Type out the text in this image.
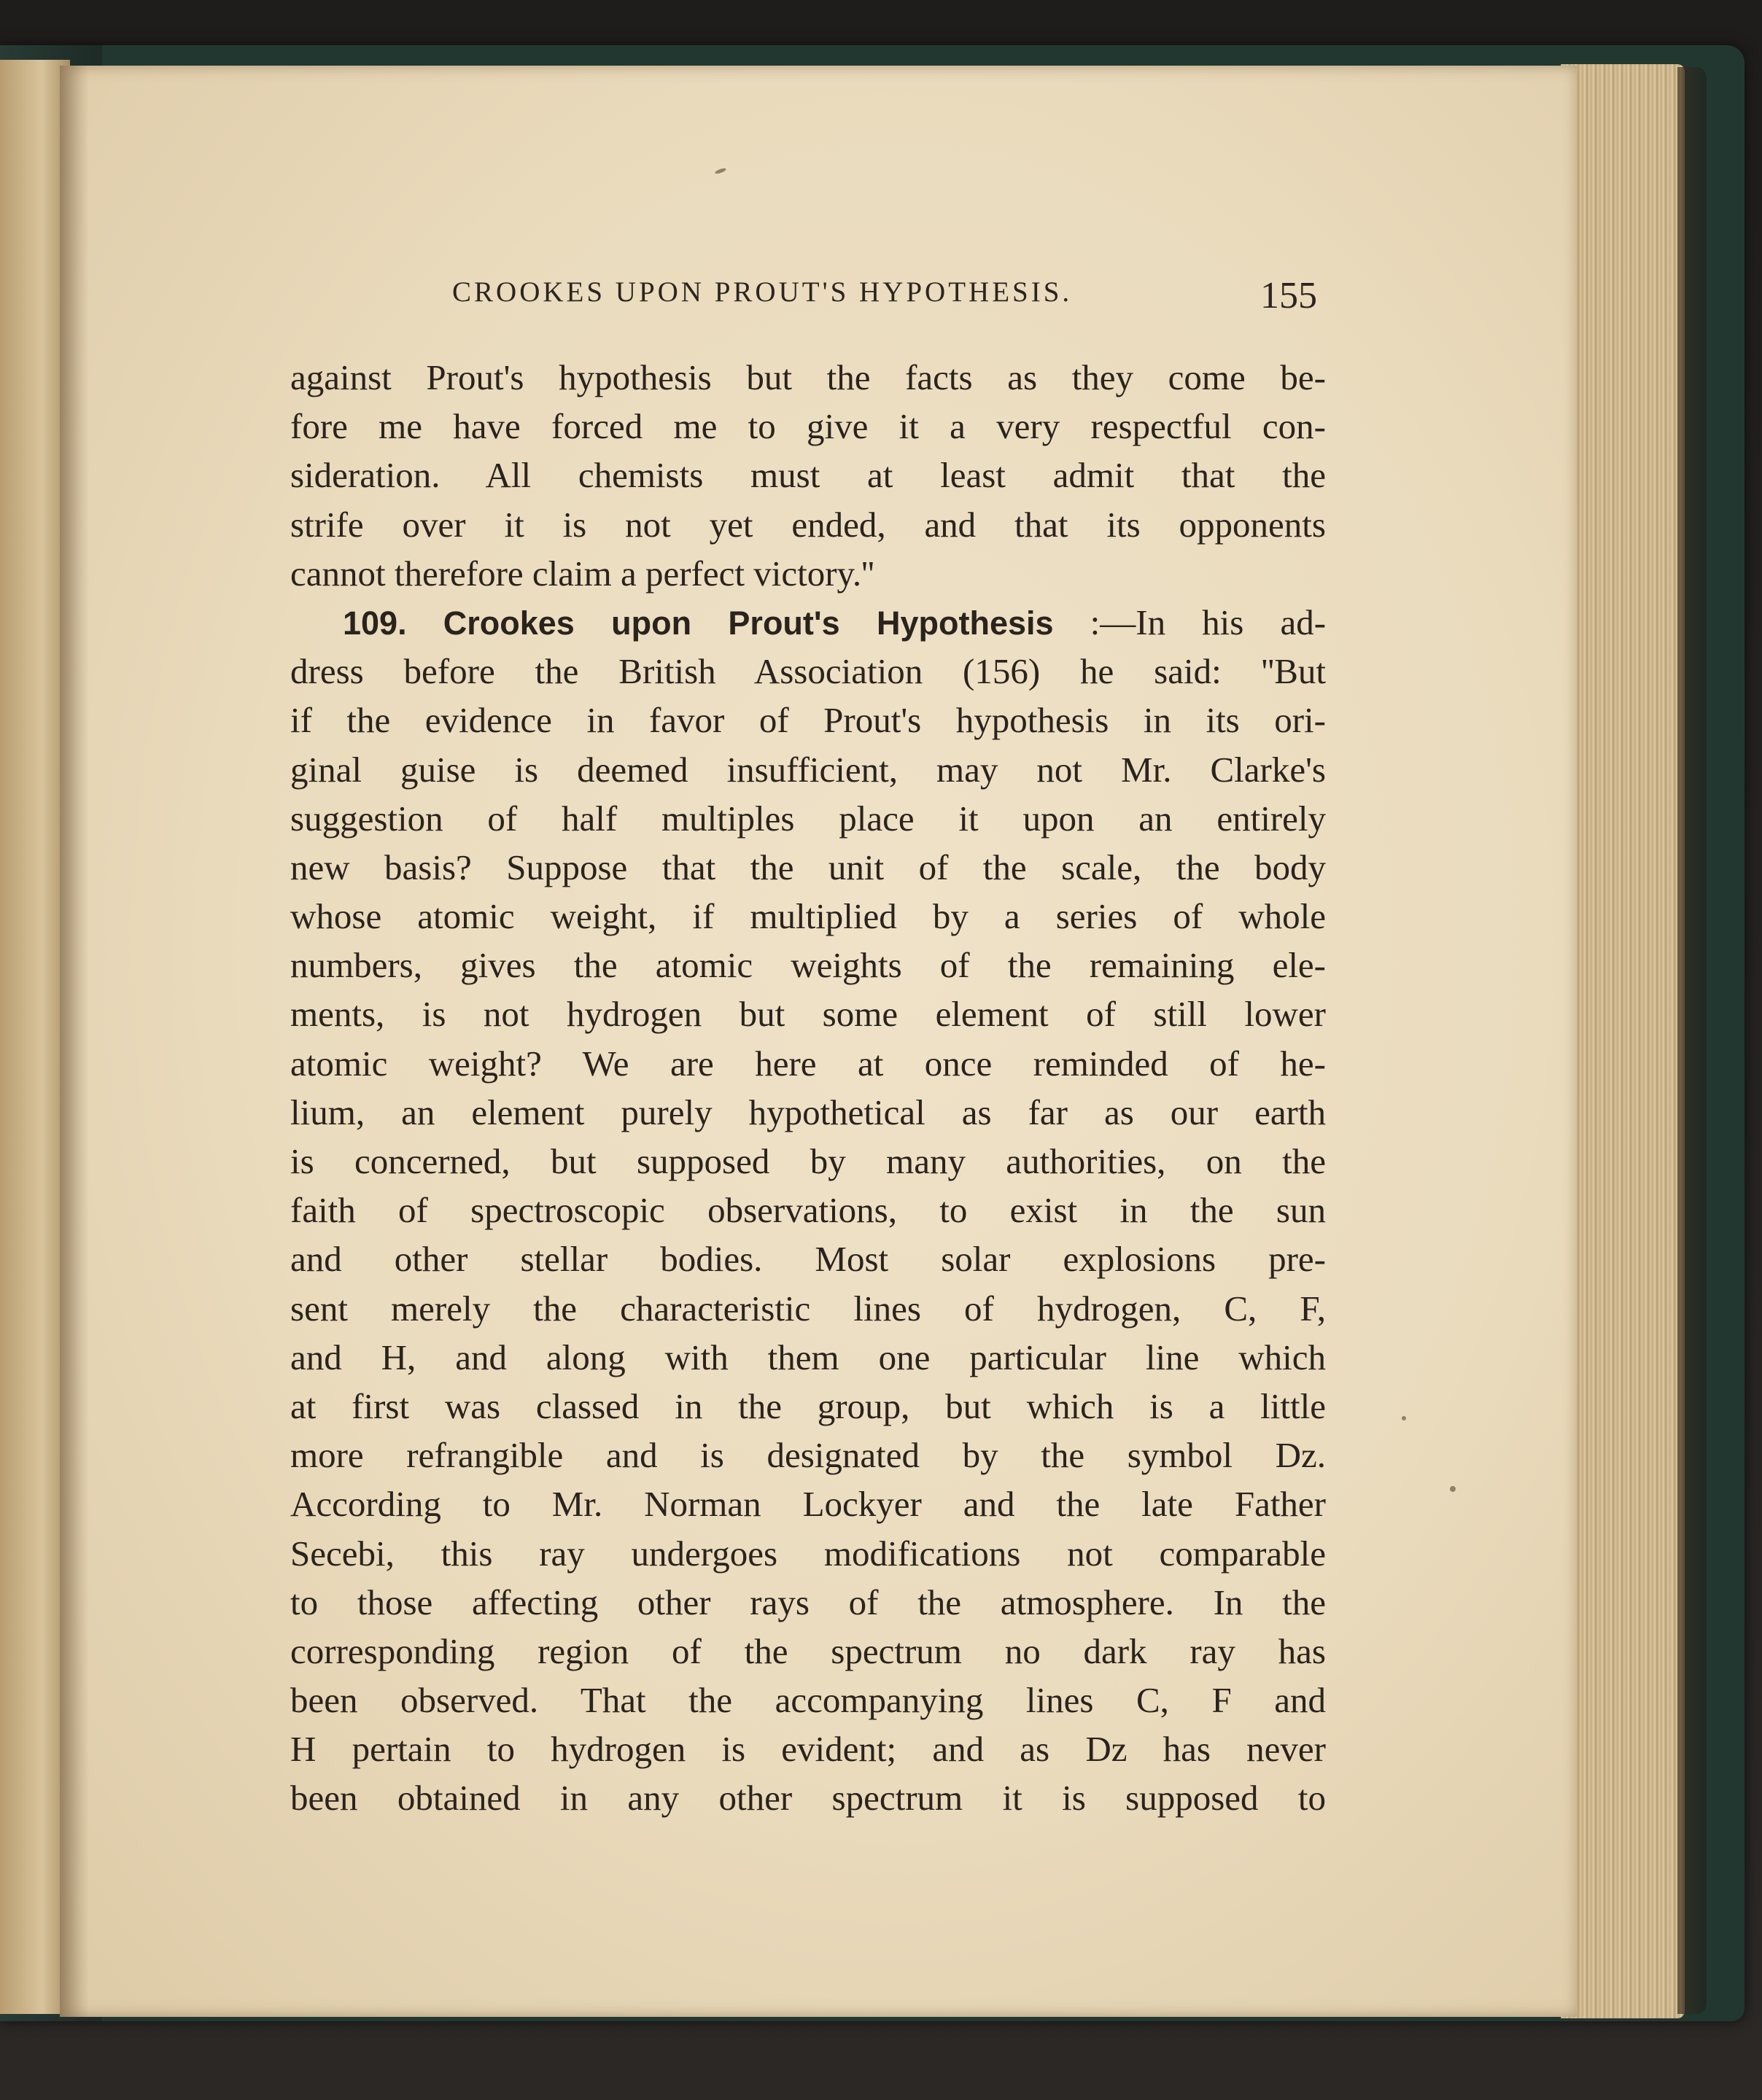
CROOKES UPON PROUT'S HYPOTHESIS.	155
against Prout's hypothesis but the facts as they come be-
fore me have forced me to give it a very respectful con-
sideration. All chemists must at least admit that the
strife over it is not yet ended, and that its opponents
cannot therefore claim a perfect victory.''
109. Crookes upon Prout's Hypothesis :—In his ad-
dress before the British Association (156) he said: ''But
if the evidence in favor of Prout's hypothesis in its ori-
ginal guise is deemed insufficient, may not Mr. Clarke's
suggestion of half multiples place it upon an entirely
new basis? Suppose that the unit of the scale, the body
whose atomic weight, if multiplied by a series of whole
numbers, gives the atomic weights of the remaining ele-
ments, is not hydrogen but some element of still lower
atomic weight? We are here at once reminded of he-
lium, an element purely hypothetical as far as our earth
is concerned, but supposed by many authorities, on the
faith of spectroscopic observations, to exist in the sun
and other stellar bodies. Most solar explosions pre-
sent merely the characteristic lines of hydrogen, C, F,
and H, and along with them one particular line which
at first was classed in the group, but which is a little
more refrangible and is designated by the symbol Dz.
According to Mr. Norman Lockyer and the late Father
Secebi, this ray undergoes modifications not comparable
to those affecting other rays of the atmosphere. In the
corresponding region of the spectrum no dark ray has
been observed. That the accompanying lines C, F and
H pertain to hydrogen is evident; and as Dz has never
been obtained in any other spectrum it is supposed to
